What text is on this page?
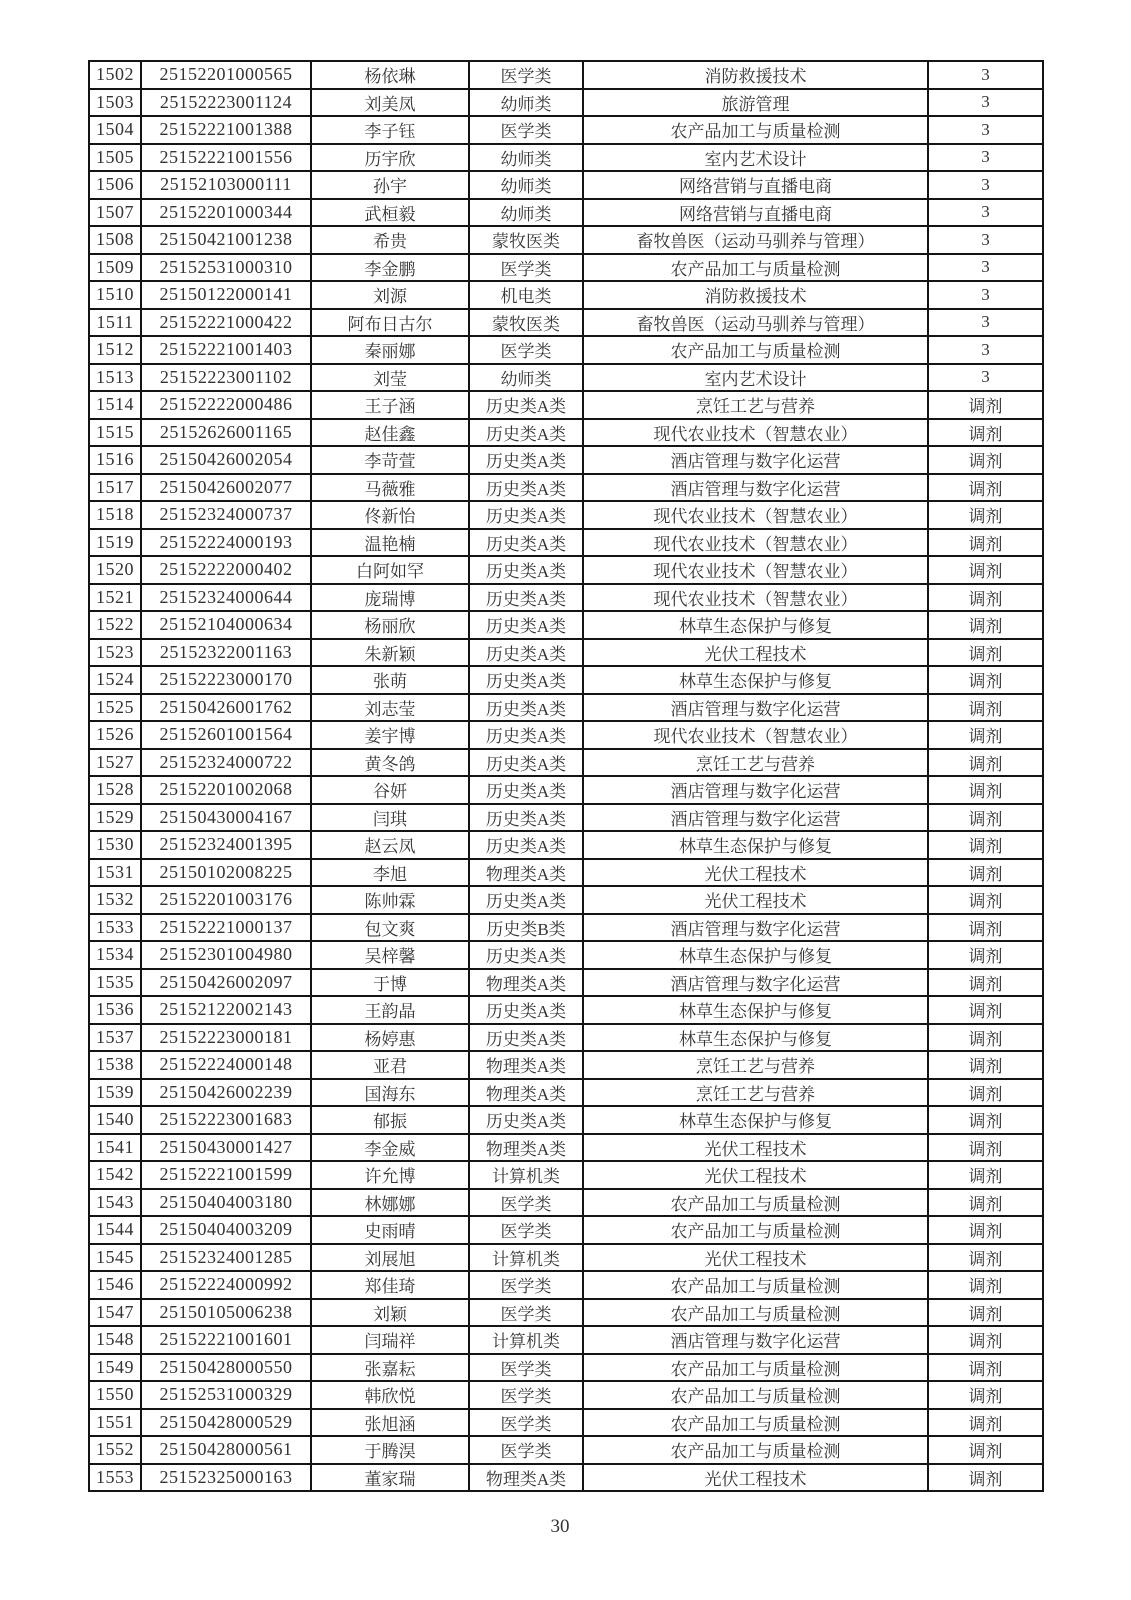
1502	25152201000565	杨依琳	医学类	消防救援技术	3
1503	25152223001124	刘美凤	幼师类	旅游管理	3
1504	25152221001388	李子钰	医学类	农产品加工与质量检测	3
1505	25152221001556	历宇欣	幼师类	室内艺术设计	3
1506	25152103000111	孙宇	幼师类	网络营销与直播电商	3
1507	25152201000344	武桓毅	幼师类	网络营销与直播电商	3
1508	25150421001238	希贵	蒙牧医类	畜牧兽医（运动马驯养与管理）	3
1509	25152531000310	李金鹏	医学类	农产品加工与质量检测	3
1510	25150122000141	刘源	机电类	消防救援技术	3
1511	25152221000422	阿布日古尔	蒙牧医类	畜牧兽医（运动马驯养与管理）	3
1512	25152221001403	秦丽娜	医学类	农产品加工与质量检测	3
1513	25152223001102	刘莹	幼师类	室内艺术设计	3
1514	25152222000486	王子涵	历史类A类	烹饪工艺与营养	调剂
1515	25152626001165	赵佳鑫	历史类A类	现代农业技术（智慧农业）	调剂
1516	25150426002054	李苛萱	历史类A类	酒店管理与数字化运营	调剂
1517	25150426002077	马薇雅	历史类A类	酒店管理与数字化运营	调剂
1518	25152324000737	佟新怡	历史类A类	现代农业技术（智慧农业）	调剂
1519	25152224000193	温艳楠	历史类A类	现代农业技术（智慧农业）	调剂
1520	25152222000402	白阿如罕	历史类A类	现代农业技术（智慧农业）	调剂
1521	25152324000644	庞瑞博	历史类A类	现代农业技术（智慧农业）	调剂
1522	25152104000634	杨丽欣	历史类A类	林草生态保护与修复	调剂
1523	25152322001163	朱新颖	历史类A类	光伏工程技术	调剂
1524	25152223000170	张萌	历史类A类	林草生态保护与修复	调剂
1525	25150426001762	刘志莹	历史类A类	酒店管理与数字化运营	调剂
1526	25152601001564	姜宇博	历史类A类	现代农业技术（智慧农业）	调剂
1527	25152324000722	黄冬鸽	历史类A类	烹饪工艺与营养	调剂
1528	25152201002068	谷妍	历史类A类	酒店管理与数字化运营	调剂
1529	25150430004167	闫琪	历史类A类	酒店管理与数字化运营	调剂
1530	25152324001395	赵云凤	历史类A类	林草生态保护与修复	调剂
1531	25150102008225	李旭	物理类A类	光伏工程技术	调剂
1532	25152201003176	陈帅霖	历史类A类	光伏工程技术	调剂
1533	25152221000137	包文爽	历史类B类	酒店管理与数字化运营	调剂
1534	25152301004980	吴梓馨	历史类A类	林草生态保护与修复	调剂
1535	25150426002097	于博	物理类A类	酒店管理与数字化运营	调剂
1536	25152122002143	王韵晶	历史类A类	林草生态保护与修复	调剂
1537	25152223000181	杨婷惠	历史类A类	林草生态保护与修复	调剂
1538	25152224000148	亚君	物理类A类	烹饪工艺与营养	调剂
1539	25150426002239	国海东	物理类A类	烹饪工艺与营养	调剂
1540	25152223001683	郁振	历史类A类	林草生态保护与修复	调剂
1541	25150430001427	李金威	物理类A类	光伏工程技术	调剂
1542	25152221001599	许允博	计算机类	光伏工程技术	调剂
1543	25150404003180	林娜娜	医学类	农产品加工与质量检测	调剂
1544	25150404003209	史雨晴	医学类	农产品加工与质量检测	调剂
1545	25152324001285	刘展旭	计算机类	光伏工程技术	调剂
1546	25152224000992	郑佳琦	医学类	农产品加工与质量检测	调剂
1547	25150105006238	刘颖	医学类	农产品加工与质量检测	调剂
1548	25152221001601	闫瑞祥	计算机类	酒店管理与数字化运营	调剂
1549	25150428000550	张嘉耘	医学类	农产品加工与质量检测	调剂
1550	25152531000329	韩欣悦	医学类	农产品加工与质量检测	调剂
1551	25150428000529	张旭涵	医学类	农产品加工与质量检测	调剂
1552	25150428000561	于腾淏	医学类	农产品加工与质量检测	调剂
1553	25152325000163	董家瑞	物理类A类	光伏工程技术	调剂
30
